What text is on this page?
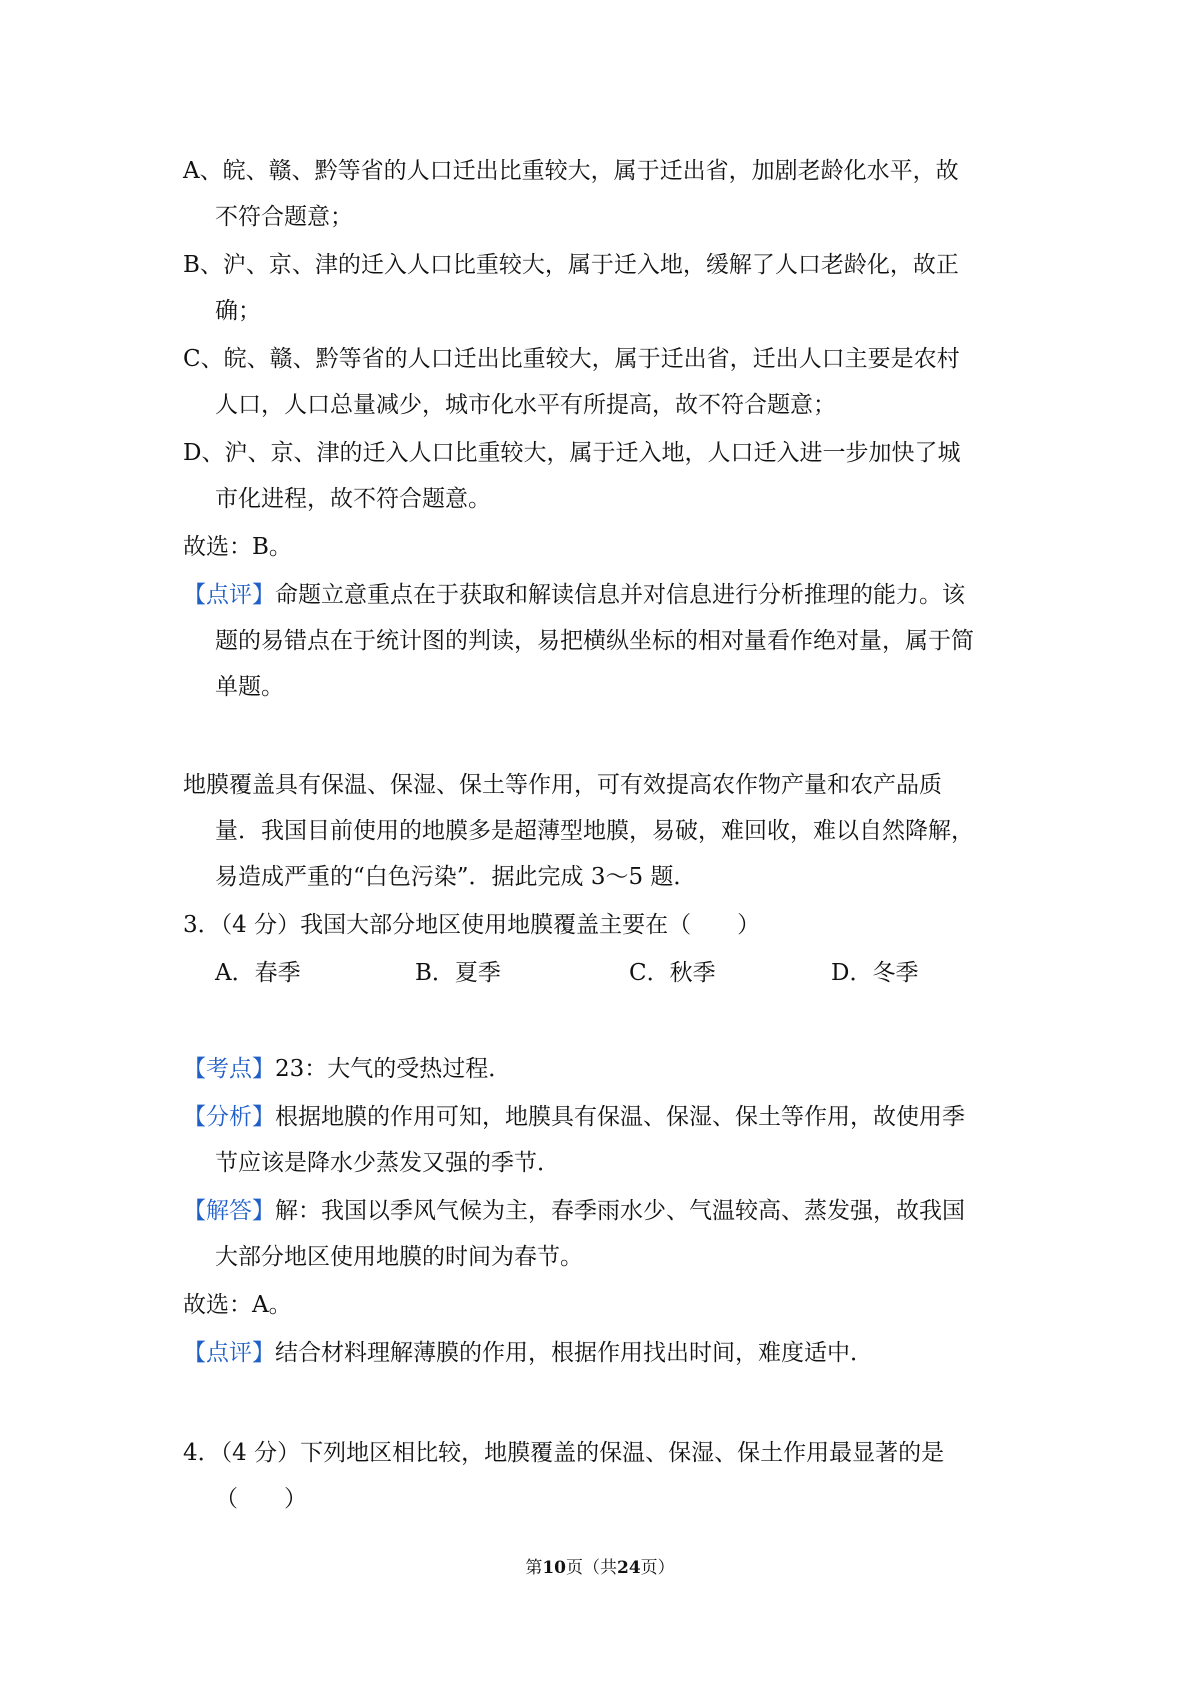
A、皖、赣、黔等省的人口迁出比重较大，属于迁出省，加剧老龄化水平，故
不符合题意；
B、沪、京、津的迁入人口比重较大，属于迁入地，缓解了人口老龄化，故正
确；
C、皖、赣、黔等省的人口迁出比重较大，属于迁出省，迁出人口主要是农村
人口，人口总量减少，城市化水平有所提高，故不符合题意；
D、沪、京、津的迁入人口比重较大，属于迁入地，人口迁入进一步加快了城
市化进程，故不符合题意。
故选：B。
【点评】命题立意重点在于获取和解读信息并对信息进行分析推理的能力。该
题的易错点在于统计图的判读，易把横纵坐标的相对量看作绝对量，属于简
单题。
地膜覆盖具有保温、保湿、保土等作用，可有效提高农作物产量和农产品质
量．我国目前使用的地膜多是超薄型地膜，易破，难回收，难以自然降解，
易造成严重的“白色污染”．据此完成 3～5 题．
3．（4 分）我国大部分地区使用地膜覆盖主要在（　　）
A．春季	B．夏季	C．秋季	D．冬季
【考点】23：大气的受热过程．
【分析】根据地膜的作用可知，地膜具有保温、保湿、保土等作用，故使用季
节应该是降水少蒸发又强的季节．
【解答】解：我国以季风气候为主，春季雨水少、气温较高、蒸发强，故我国
大部分地区使用地膜的时间为春节。
故选：A。
【点评】结合材料理解薄膜的作用，根据作用找出时间，难度适中．
4．（4 分）下列地区相比较，地膜覆盖的保温、保湿、保土作用最显著的是
（　　）
第10页（共24页）
